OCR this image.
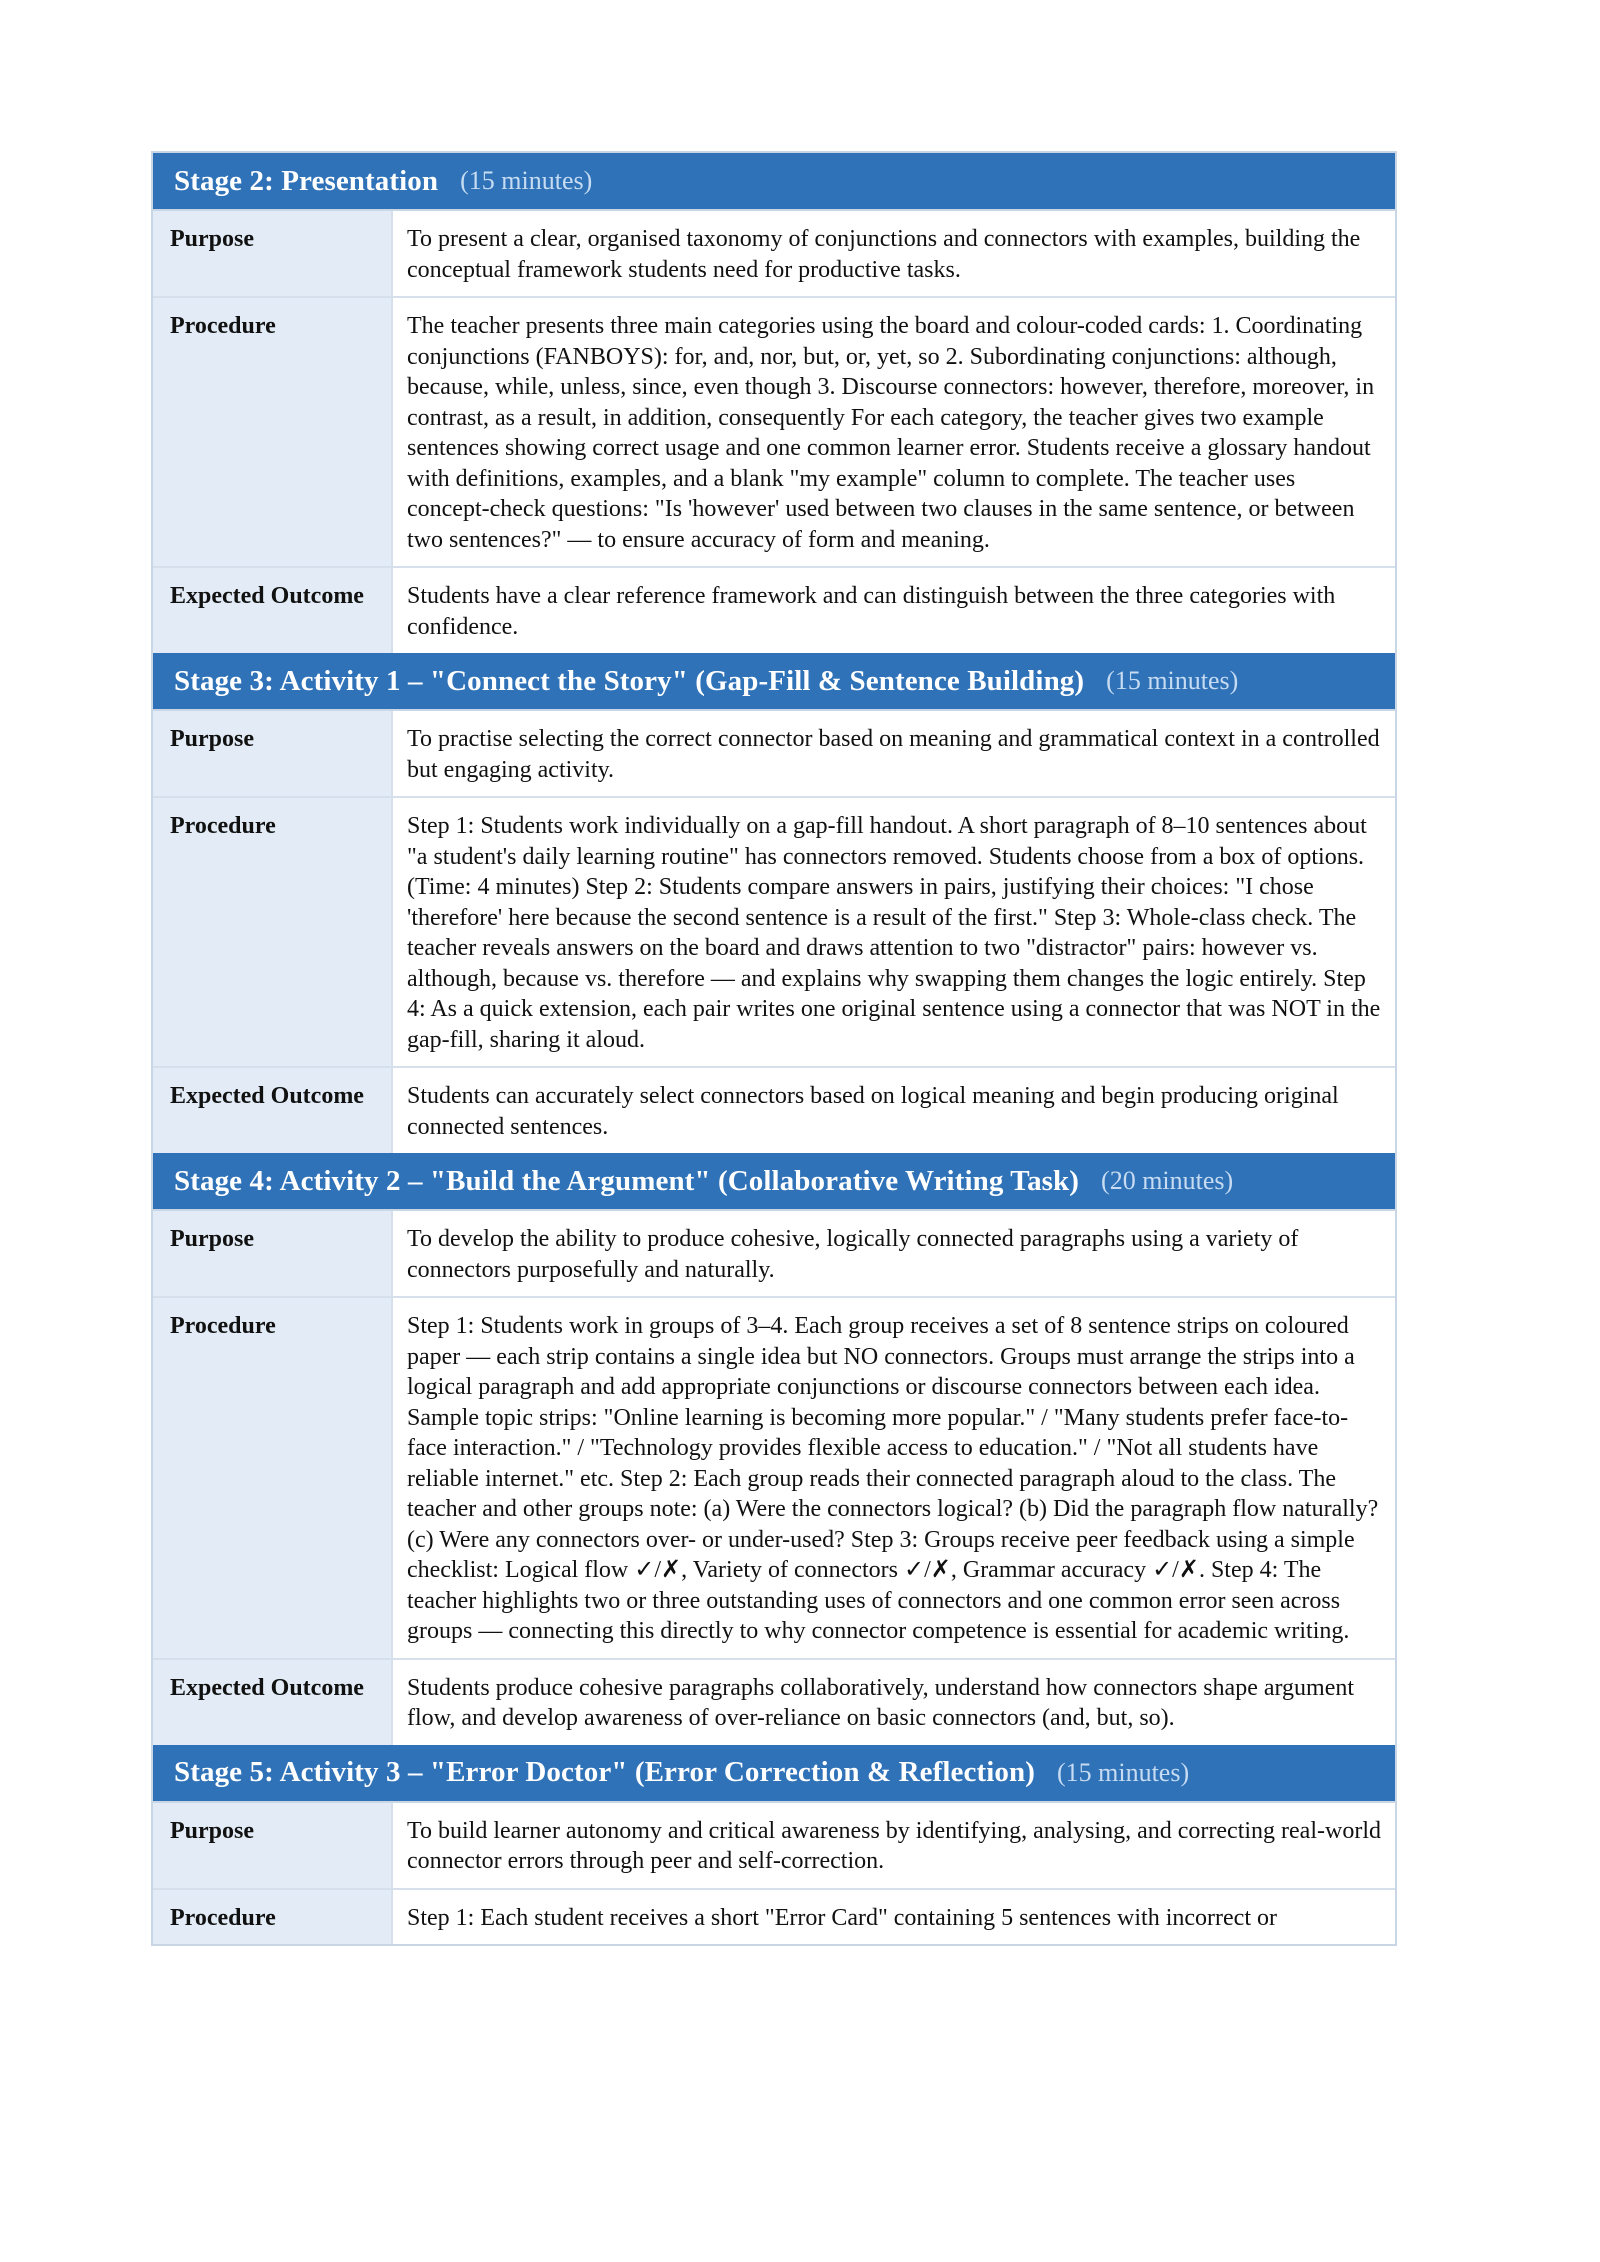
Stage 2: Presentation (15 minutes)
Purpose	To present a clear, organised taxonomy of conjunctions and connectors with examples, building the conceptual framework students need for productive tasks.
Procedure	The teacher presents three main categories using the board and colour-coded cards: 1. Coordinating conjunctions (FANBOYS): for, and, nor, but, or, yet, so 2. Subordinating conjunctions: although, because, while, unless, since, even though 3. Discourse connectors: however, therefore, moreover, in contrast, as a result, in addition, consequently For each category, the teacher gives two example sentences showing correct usage and one common learner error. Students receive a glossary handout with definitions, examples, and a blank "my example" column to complete. The teacher uses concept-check questions: "Is 'however' used between two clauses in the same sentence, or between two sentences?" — to ensure accuracy of form and meaning.
Expected Outcome	Students have a clear reference framework and can distinguish between the three categories with confidence.
Stage 3: Activity 1 – "Connect the Story" (Gap-Fill & Sentence Building) (15 minutes)
Purpose	To practise selecting the correct connector based on meaning and grammatical context in a controlled but engaging activity.
Procedure	Step 1: Students work individually on a gap-fill handout. A short paragraph of 8–10 sentences about "a student's daily learning routine" has connectors removed. Students choose from a box of options. (Time: 4 minutes) Step 2: Students compare answers in pairs, justifying their choices: "I chose 'therefore' here because the second sentence is a result of the first." Step 3: Whole-class check. The teacher reveals answers on the board and draws attention to two "distractor" pairs: however vs. although, because vs. therefore — and explains why swapping them changes the logic entirely. Step 4: As a quick extension, each pair writes one original sentence using a connector that was NOT in the gap-fill, sharing it aloud.
Expected Outcome	Students can accurately select connectors based on logical meaning and begin producing original connected sentences.
Stage 4: Activity 2 – "Build the Argument" (Collaborative Writing Task) (20 minutes)
Purpose	To develop the ability to produce cohesive, logically connected paragraphs using a variety of connectors purposefully and naturally.
Procedure	Step 1: Students work in groups of 3–4. Each group receives a set of 8 sentence strips on coloured paper — each strip contains a single idea but NO connectors. Groups must arrange the strips into a logical paragraph and add appropriate conjunctions or discourse connectors between each idea. Sample topic strips: "Online learning is becoming more popular." / "Many students prefer face-to-face interaction." / "Technology provides flexible access to education." / "Not all students have reliable internet." etc. Step 2: Each group reads their connected paragraph aloud to the class. The teacher and other groups note: (a) Were the connectors logical? (b) Did the paragraph flow naturally? (c) Were any connectors over- or under-used? Step 3: Groups receive peer feedback using a simple checklist: Logical flow ✓/✗, Variety of connectors ✓/✗, Grammar accuracy ✓/✗. Step 4: The teacher highlights two or three outstanding uses of connectors and one common error seen across groups — connecting this directly to why connector competence is essential for academic writing.
Expected Outcome	Students produce cohesive paragraphs collaboratively, understand how connectors shape argument flow, and develop awareness of over-reliance on basic connectors (and, but, so).
Stage 5: Activity 3 – "Error Doctor" (Error Correction & Reflection) (15 minutes)
Purpose	To build learner autonomy and critical awareness by identifying, analysing, and correcting real-world connector errors through peer and self-correction.
Procedure	Step 1: Each student receives a short "Error Card" containing 5 sentences with incorrect or
